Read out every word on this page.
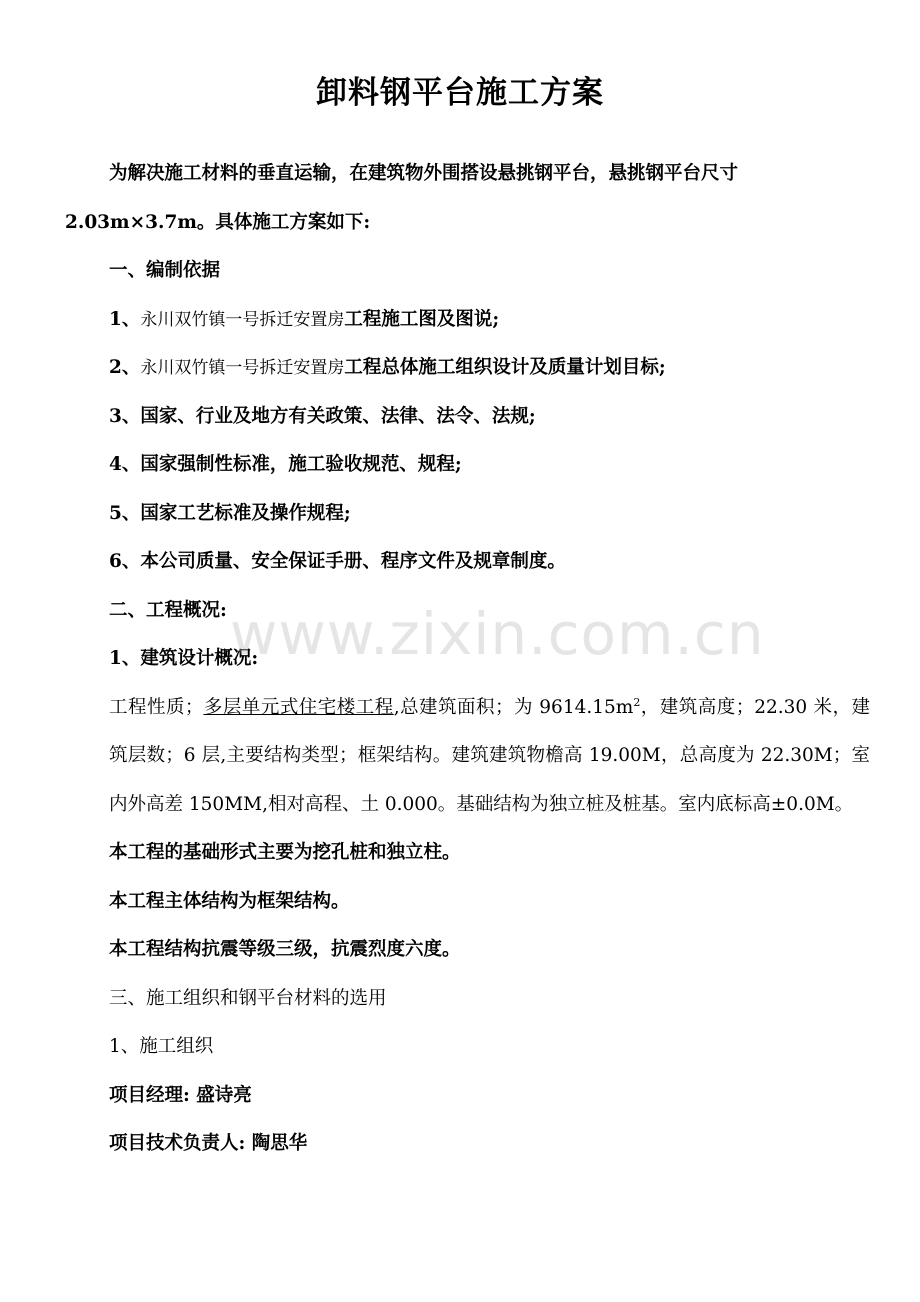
卸料钢平台施工方案

为解决施工材料的垂直运输，在建筑物外围搭设悬挑钢平台，悬挑钢平台尺寸

2.03m×3.7m。具体施工方案如下:

一、编制依据

1、永川双竹镇一号拆迁安置房工程施工图及图说;

2、永川双竹镇一号拆迁安置房工程总体施工组织设计及质量计划目标;

3、国家、行业及地方有关政策、法律、法令、法规;

4、国家强制性标准，施工验收规范、规程;

5、国家工艺标准及操作规程;

6、本公司质量、安全保证手册、程序文件及规章制度。

二、工程概况:

1、建筑设计概况:

工程性质；多层单元式住宅楼工程,总建筑面积；为 $9614.15m^2$，建筑高度；22.30 米，建筑层数；6 层,主要结构类型；框架结构。建筑建筑物檐高 19.00M，总高度为 22.30M；室内外高差 150MM,相对高程、土 0.000。基础结构为独立桩及桩基。室内底标高±0.0M。

本工程的基础形式主要为挖孔桩和独立柱。

本工程主体结构为框架结构。

本工程结构抗震等级三级，抗震烈度六度。

三、施工组织和钢平台材料的选用

1、施工组织

项目经理: 盛诗亮

项目技术负责人: 陶思华

www.zixin.com.cn
